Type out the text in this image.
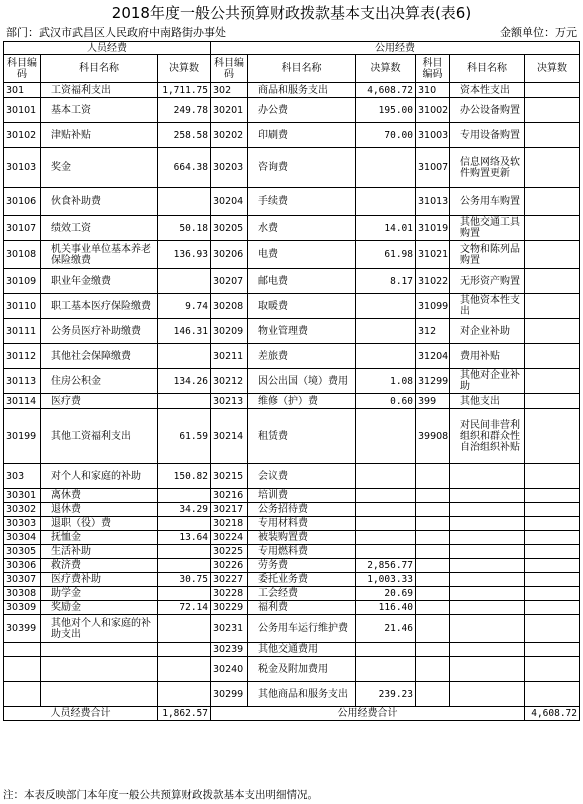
2018年度一般公共预算财政拨款基本支出决算表(表6)
部门：武汉市武昌区人民政府中南路街办事处	金额单位：万元
人员经费			公用经费					
科目编码	科目名称	决算数	科目编码	科目名称	决算数	科目编码	科目名称	决算数
301	工资福利支出	1,711.75	302	商品和服务支出	4,608.72	310	资本性支出	
30101	基本工资	249.78	30201	办公费	195.00	31002	办公设备购置	
30102	津贴补贴	258.58	30202	印刷费	70.00	31003	专用设备购置	
30103	奖金	664.38	30203	咨询费		31007	信息网络及软件购置更新	
30106	伙食补助费		30204	手续费		31013	公务用车购置	
30107	绩效工资	50.18	30205	水费	14.01	31019	其他交通工具购置	
30108	机关事业单位基本养老保险缴费	136.93	30206	电费	61.98	31021	文物和陈列品购置	
30109	职业年金缴费		30207	邮电费	8.17	31022	无形资产购置	
30110	职工基本医疗保险缴费	9.74	30208	取暖费		31099	其他资本性支出	
30111	公务员医疗补助缴费	146.31	30209	物业管理费		312	对企业补助	
30112	其他社会保障缴费		30211	差旅费		31204	费用补贴	
30113	住房公积金	134.26	30212	因公出国（境）费用	1.08	31299	其他对企业补助	
30114	医疗费		30213	维修（护）费	0.60	399	其他支出	
30199	其他工资福利支出	61.59	30214	租赁费		39908	对民间非营利组织和群众性自治组织补贴	
303	对个人和家庭的补助	150.82	30215	会议费				
30301	离休费		30216	培训费				
30302	退休费	34.29	30217	公务招待费				
30303	退职（役）费		30218	专用材料费				
30304	抚恤金	13.64	30224	被装购置费				
30305	生活补助		30225	专用燃料费				
30306	救济费		30226	劳务费	2,856.77			
30307	医疗费补助	30.75	30227	委托业务费	1,003.33			
30308	助学金		30228	工会经费	20.69			
30309	奖励金	72.14	30229	福利费	116.40			
30399	其他对个人和家庭的补助支出		30231	公务用车运行维护费	21.46			
			30239	其他交通费用				
			30240	税金及附加费用				
			30299	其他商品和服务支出	239.23			
人员经费合计		1,862.57	公用经费合计					4,608.72
注：本表反映部门本年度一般公共预算财政拨款基本支出明细情况。
